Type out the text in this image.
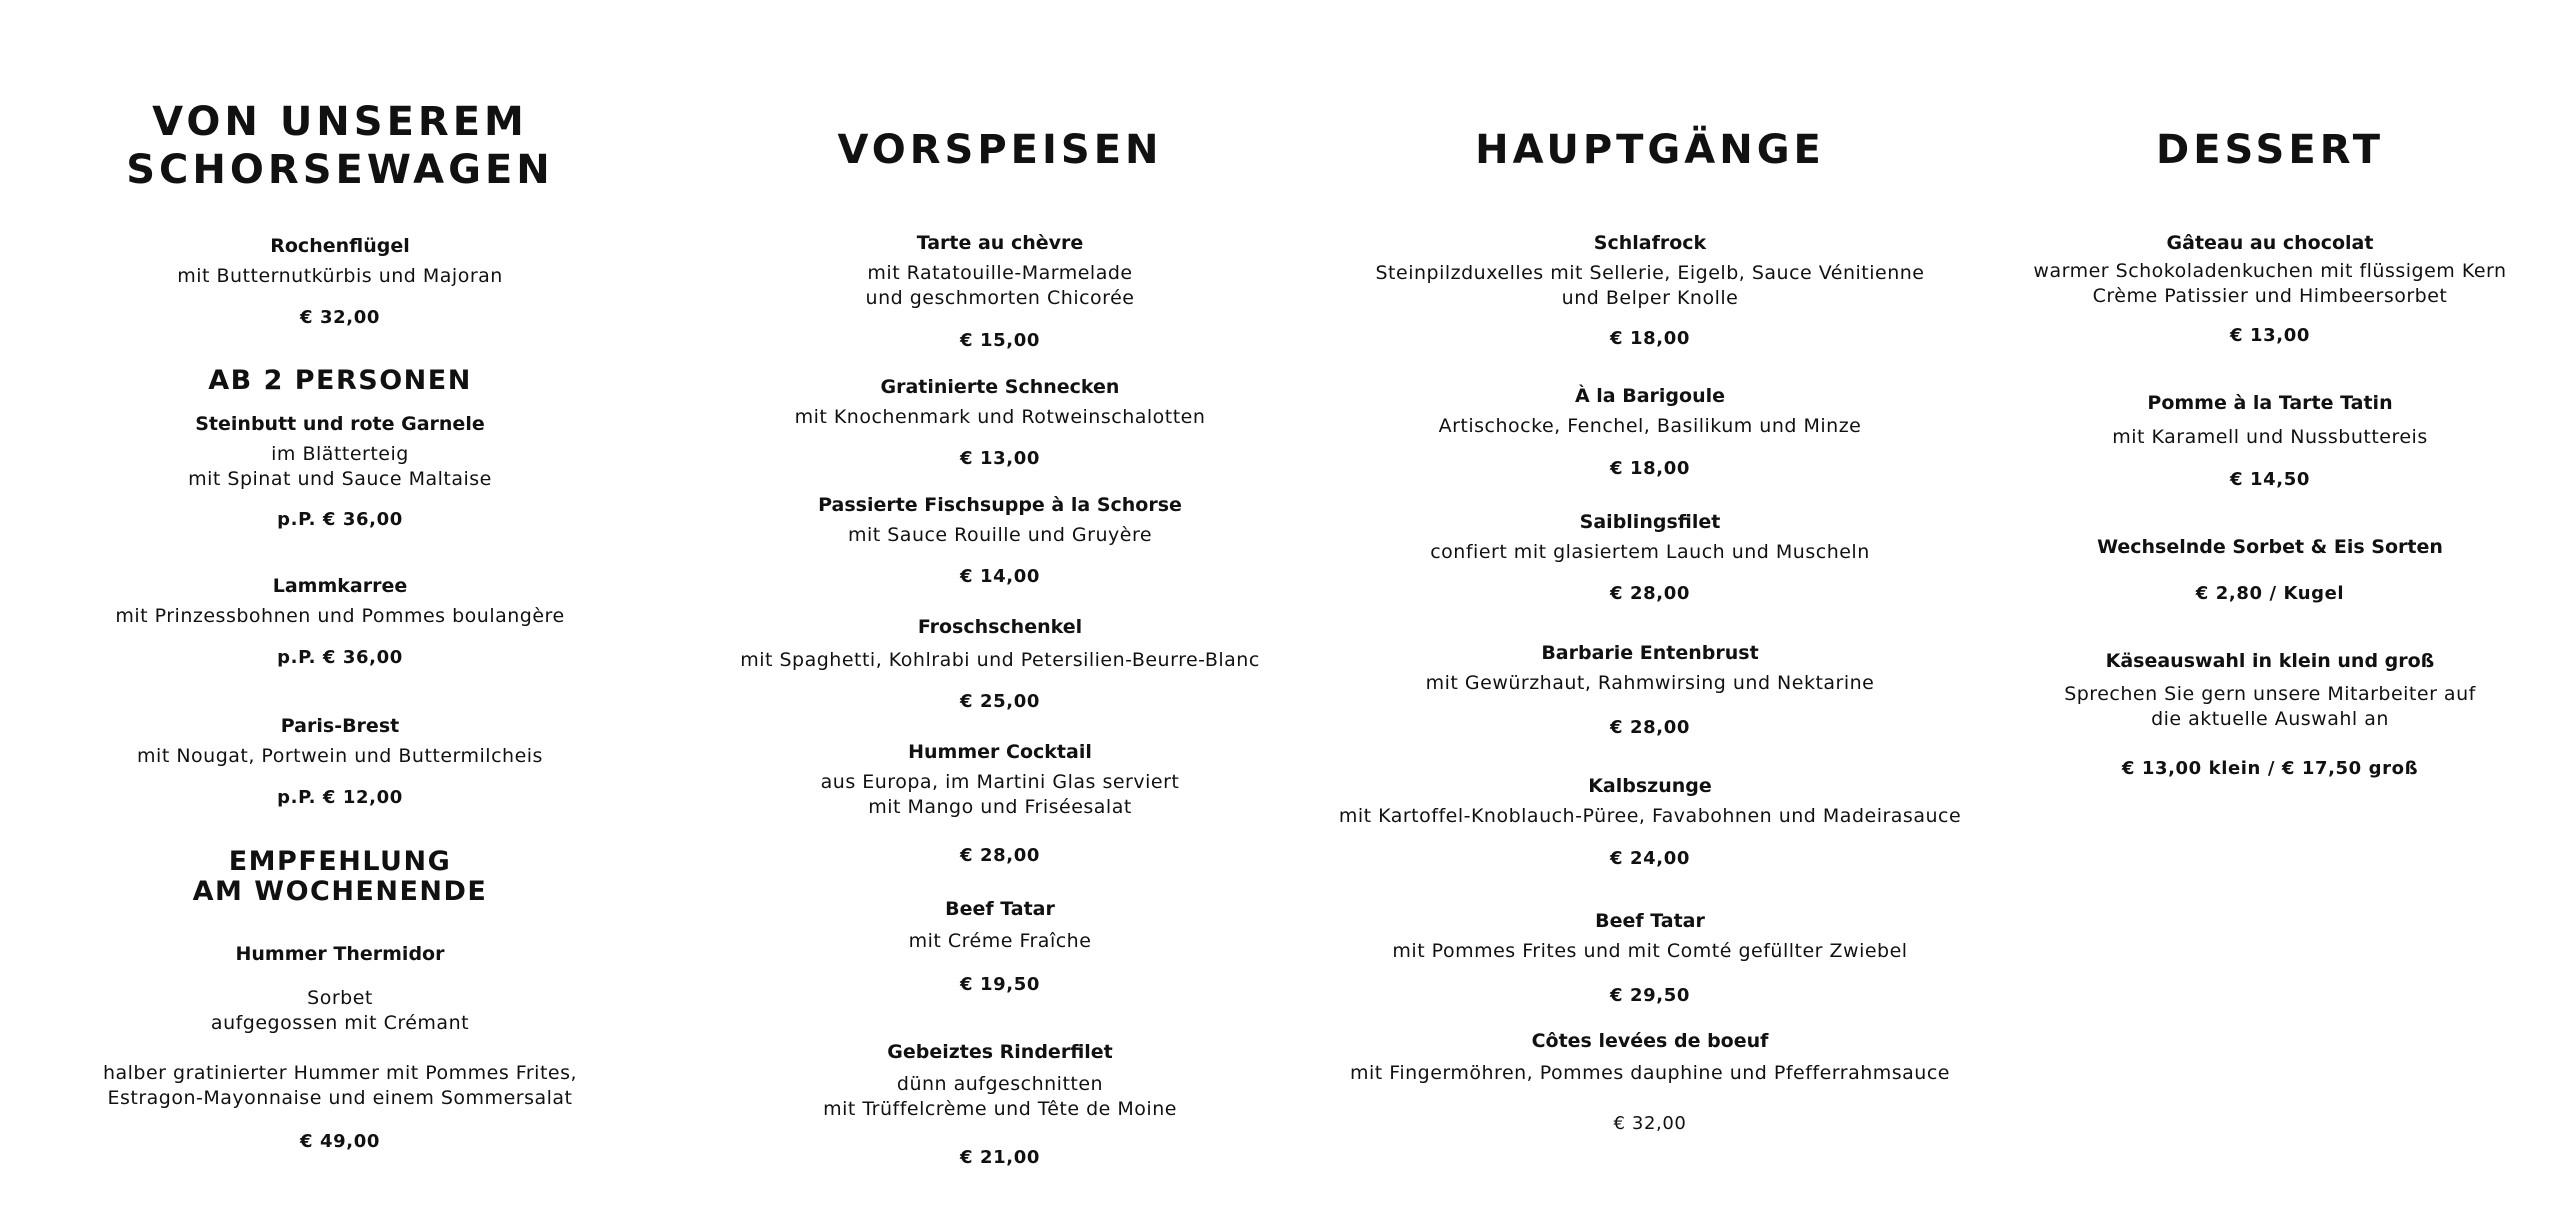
VON UNSEREM
SCHORSEWAGEN
Rochenflügel
mit Butternutkürbis und Majoran
€ 32,00
AB 2 PERSONEN
Steinbutt und rote Garnele
im Blätterteig
mit Spinat und Sauce Maltaise
p.P. € 36,00
Lammkarree
mit Prinzessbohnen und Pommes boulangère
p.P. € 36,00
Paris-Brest
mit Nougat, Portwein und Buttermilcheis
p.P. € 12,00
EMPFEHLUNG
AM WOCHENENDE
Hummer Thermidor
Sorbet
aufgegossen mit Crémant
halber gratinierter Hummer mit Pommes Frites,
Estragon-Mayonnaise und einem Sommersalat
€ 49,00
VORSPEISEN
Tarte au chèvre
mit Ratatouille-Marmelade
und geschmorten Chicorée
€ 15,00
Gratinierte Schnecken
mit Knochenmark und Rotweinschalotten
€ 13,00
Passierte Fischsuppe à la Schorse
mit Sauce Rouille und Gruyère
€ 14,00
Froschschenkel
mit Spaghetti, Kohlrabi und Petersilien-Beurre-Blanc
€ 25,00
Hummer Cocktail
aus Europa, im Martini Glas serviert
mit Mango und Friséesalat
€ 28,00
Beef Tatar
mit Créme Fraîche
€ 19,50
Gebeiztes Rinderfilet
dünn aufgeschnitten
mit Trüffelcrème und Tête de Moine
€ 21,00
HAUPTGÄNGE
Schlafrock
Steinpilzduxelles mit Sellerie, Eigelb, Sauce Vénitienne
und Belper Knolle
€ 18,00
À la Barigoule
Artischocke, Fenchel, Basilikum und Minze
€ 18,00
Saiblingsfilet
confiert mit glasiertem Lauch und Muscheln
€ 28,00
Barbarie Entenbrust
mit Gewürzhaut, Rahmwirsing und Nektarine
€ 28,00
Kalbszunge
mit Kartoffel-Knoblauch-Püree, Favabohnen und Madeirasauce
€ 24,00
Beef Tatar
mit Pommes Frites und mit Comté gefüllter Zwiebel
€ 29,50
Côtes levées de boeuf
mit Fingermöhren, Pommes dauphine und Pfefferrahmsauce
€ 32,00
DESSERT
Gâteau au chocolat
warmer Schokoladenkuchen mit flüssigem Kern
Crème Patissier und Himbeersorbet
€ 13,00
Pomme à la Tarte Tatin
mit Karamell und Nussbuttereis
€ 14,50
Wechselnde Sorbet & Eis Sorten
€ 2,80 / Kugel
Käseauswahl in klein und groß
Sprechen Sie gern unsere Mitarbeiter auf
die aktuelle Auswahl an
€ 13,00 klein / € 17,50 groß
